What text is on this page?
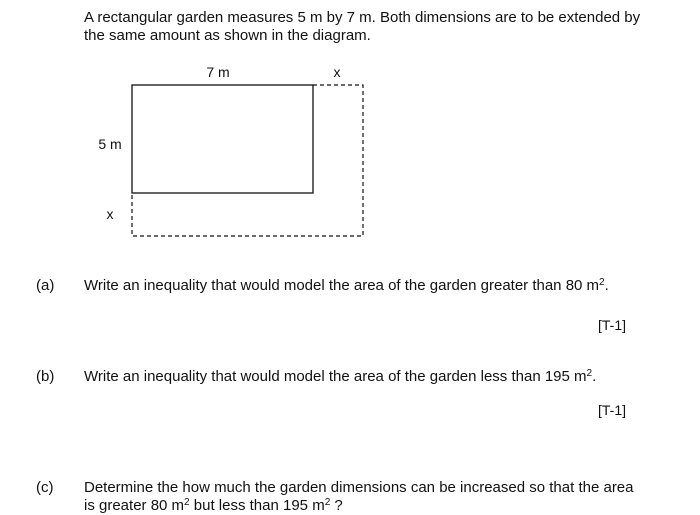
A rectangular garden measures 5 m by 7 m. Both dimensions are to be extended by
the same amount as shown in the diagram.

7 m	x
5 m
x
(a) Write an inequality that would model the area of the garden greater than 80 $m^2$.

[T-1]
(b) Write an inequality that would model the area of the garden less than 195 $m^2$.

[T-1]
(c) Determine the how much the garden dimensions can be increased so that the area
is greater 80 $m^2$ but less than 195 $m^2$ ?
